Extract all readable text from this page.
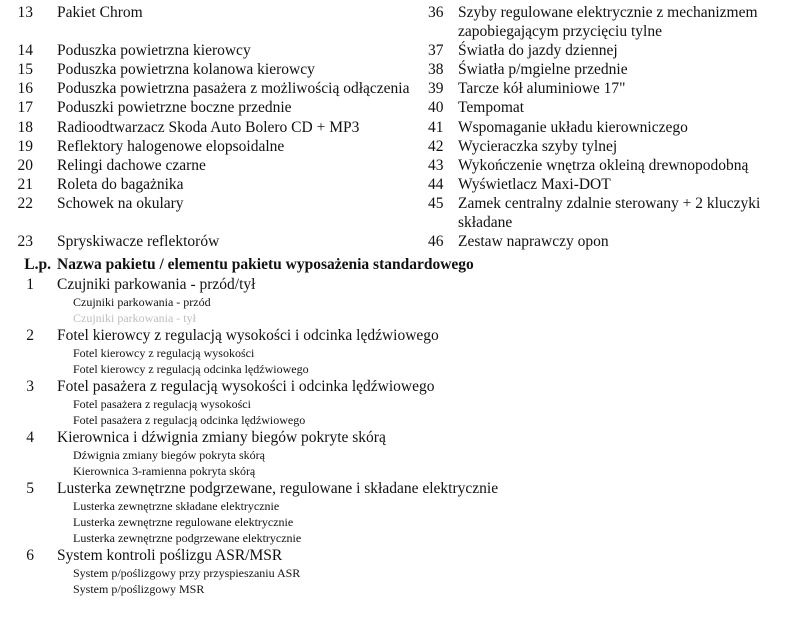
13	Pakiet Chrom	36	Szyby regulowane elektrycznie z mechanizmem zapobiegającym przycięciu tylne
14	Poduszka powietrzna kierowcy	37	Światła do jazdy dziennej
15	Poduszka powietrzna kolanowa kierowcy	38	Światła p/mgielne przednie
16	Poduszka powietrzna pasażera z możliwością odłączenia	39	Tarcze kół aluminiowe 17"
17	Poduszki powietrzne boczne przednie	40	Tempomat
18	Radioodtwarzacz Skoda Auto Bolero CD + MP3	41	Wspomaganie układu kierowniczego
19	Reflektory halogenowe elopsoidalne	42	Wycieraczka szyby tylnej
20	Relingi dachowe czarne	43	Wykończenie wnętrza okleiną drewnopodobną
21	Roleta do bagażnika	44	Wyświetlacz Maxi-DOT
22	Schowek na okulary	45	Zamek centralny zdalnie sterowany + 2 kluczyki składane
23	Spryskiwacze reflektorów	46	Zestaw naprawczy opon
L.p. Nazwa pakietu / elementu pakietu wyposażenia standardowego
1 Czujniki parkowania - przód/tył
Czujniki parkowania - przód
Czujniki parkowania - tył
2 Fotel kierowcy z regulacją wysokości i odcinka lędźwiowego
Fotel kierowcy z regulacją wysokości
Fotel kierowcy z regulacją odcinka lędźwiowego
3 Fotel pasażera z regulacją wysokości i odcinka lędźwiowego
Fotel pasażera z regulacją wysokości
Fotel pasażera z regulacją odcinka lędźwiowego
4 Kierownica i dźwignia zmiany biegów pokryte skórą
Dźwignia zmiany biegów pokryta skórą
Kierownica 3-ramienna pokryta skórą
5 Lusterka zewnętrzne podgrzewane, regulowane i składane elektrycznie
Lusterka zewnętrzne składane elektrycznie
Lusterka zewnętrzne regulowane elektrycznie
Lusterka zewnętrzne podgrzewane elektrycznie
6 System kontroli poślizgu ASR/MSR
System p/poślizgowy przy przyspieszaniu ASR
System p/poślizgowy MSR
